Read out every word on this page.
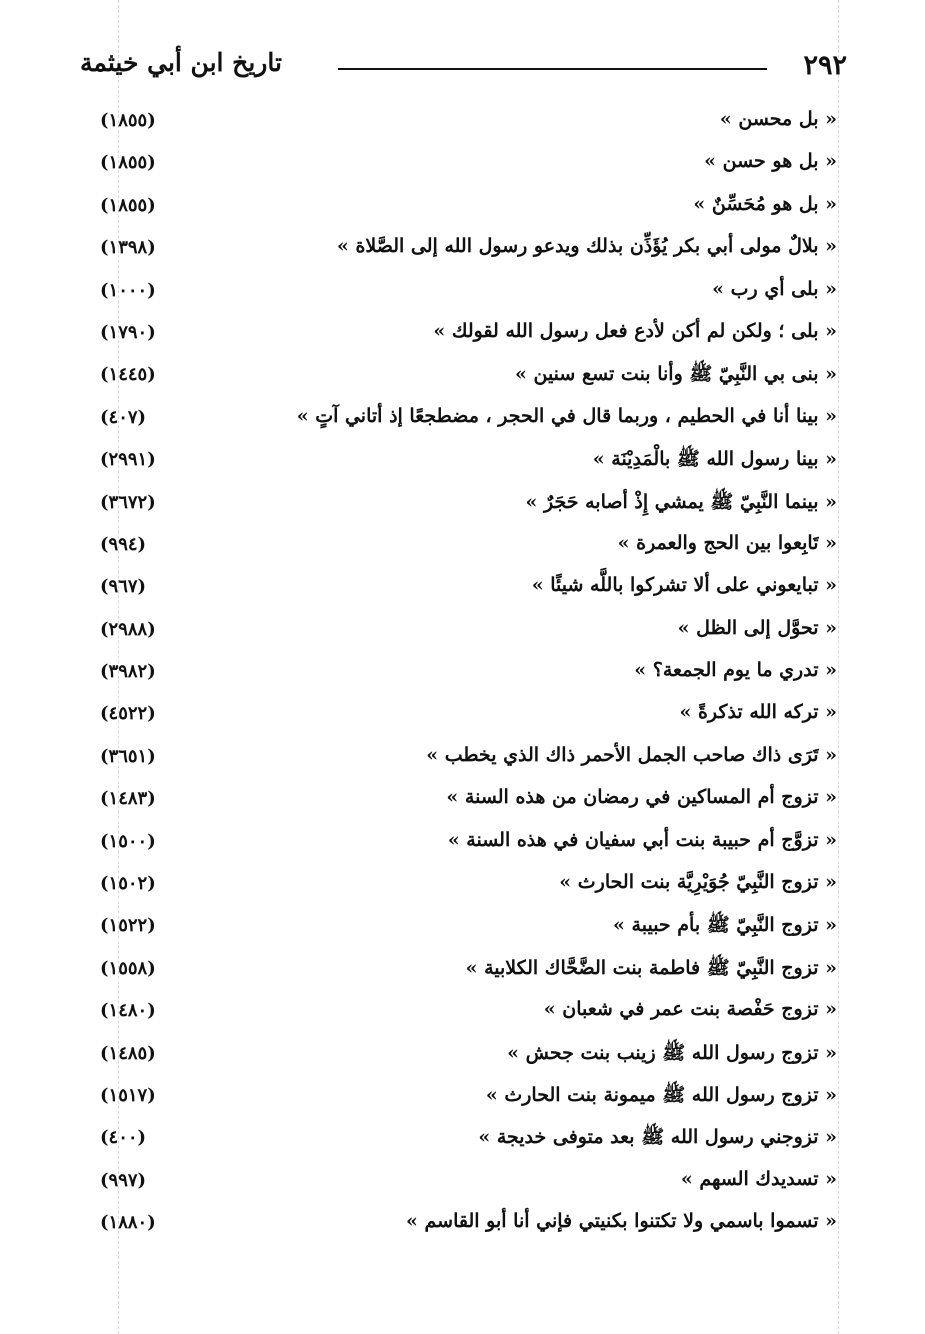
٢٩٢
تاريخ ابن أبي خيثمة
« بل محسن »
(١٨٥٥)
« بل هو حسن »
(١٨٥٥)
« بل هو مُحَسِّنٌ »
(١٨٥٥)
« بلالٌ مولى أبي بكر يُؤَذِّن بذلك ويدعو رسول الله إلى الصَّلاة »
(١٣٩٨)
« بلى أي رب »
(١٠٠٠)
« بلى ؛ ولكن لم أكن لأدع فعل رسول الله لقولك »
(١٧٩٠)
« بنى بي النَّبِيّ ﷺ وأنا بنت تسع سنين »
(١٤٤٥)
« بينا أنا في الحطيم ، وربما قال في الحجر ، مضطجعًا إذ أتاني آتٍ »
(٤٠٧)
« بينا رسول الله ﷺ بالْمَدِيْنَة »
(٢٩٩١)
« بينما النَّبِيّ ﷺ يمشي إِذْ أصابه حَجَرٌ »
(٣٦٧٢)
« تَابِعوا بين الحج والعمرة »
(٩٩٤)
« تبايعوني على ألا تشركوا باللَّه شيئًا »
(٩٦٧)
« تحوَّل إلى الظل »
(٢٩٨٨)
« تدري ما يوم الجمعة؟ »
(٣٩٨٢)
« تركه الله تذكرةً »
(٤٥٢٢)
« تَرَى ذاك صاحب الجمل الأحمر ذاك الذي يخطب »
(٣٦٥١)
« تزوج أم المساكين في رمضان من هذه السنة »
(١٤٨٣)
« تزوَّج أم حبيبة بنت أبي سفيان في هذه السنة »
(١٥٠٠)
« تزوج النَّبِيّ جُوَيْرِيَّة بنت الحارث »
(١٥٠٢)
« تزوج النَّبِيّ ﷺ بأم حبيبة »
(١٥٢٢)
« تزوج النَّبِيّ ﷺ فاطمة بنت الضَّحَّاك الكلابية »
(١٥٥٨)
« تزوج حَفْصة بنت عمر في شعبان »
(١٤٨٠)
« تزوج رسول الله ﷺ زينب بنت جحش »
(١٤٨٥)
« تزوج رسول الله ﷺ ميمونة بنت الحارث »
(١٥١٧)
« تزوجني رسول الله ﷺ بعد متوفى خديجة »
(٤٠٠)
« تسديدك السهم »
(٩٩٧)
« تسموا باسمي ولا تكتنوا بكنيتي فإني أنا أبو القاسم »
(١٨٨٠)
